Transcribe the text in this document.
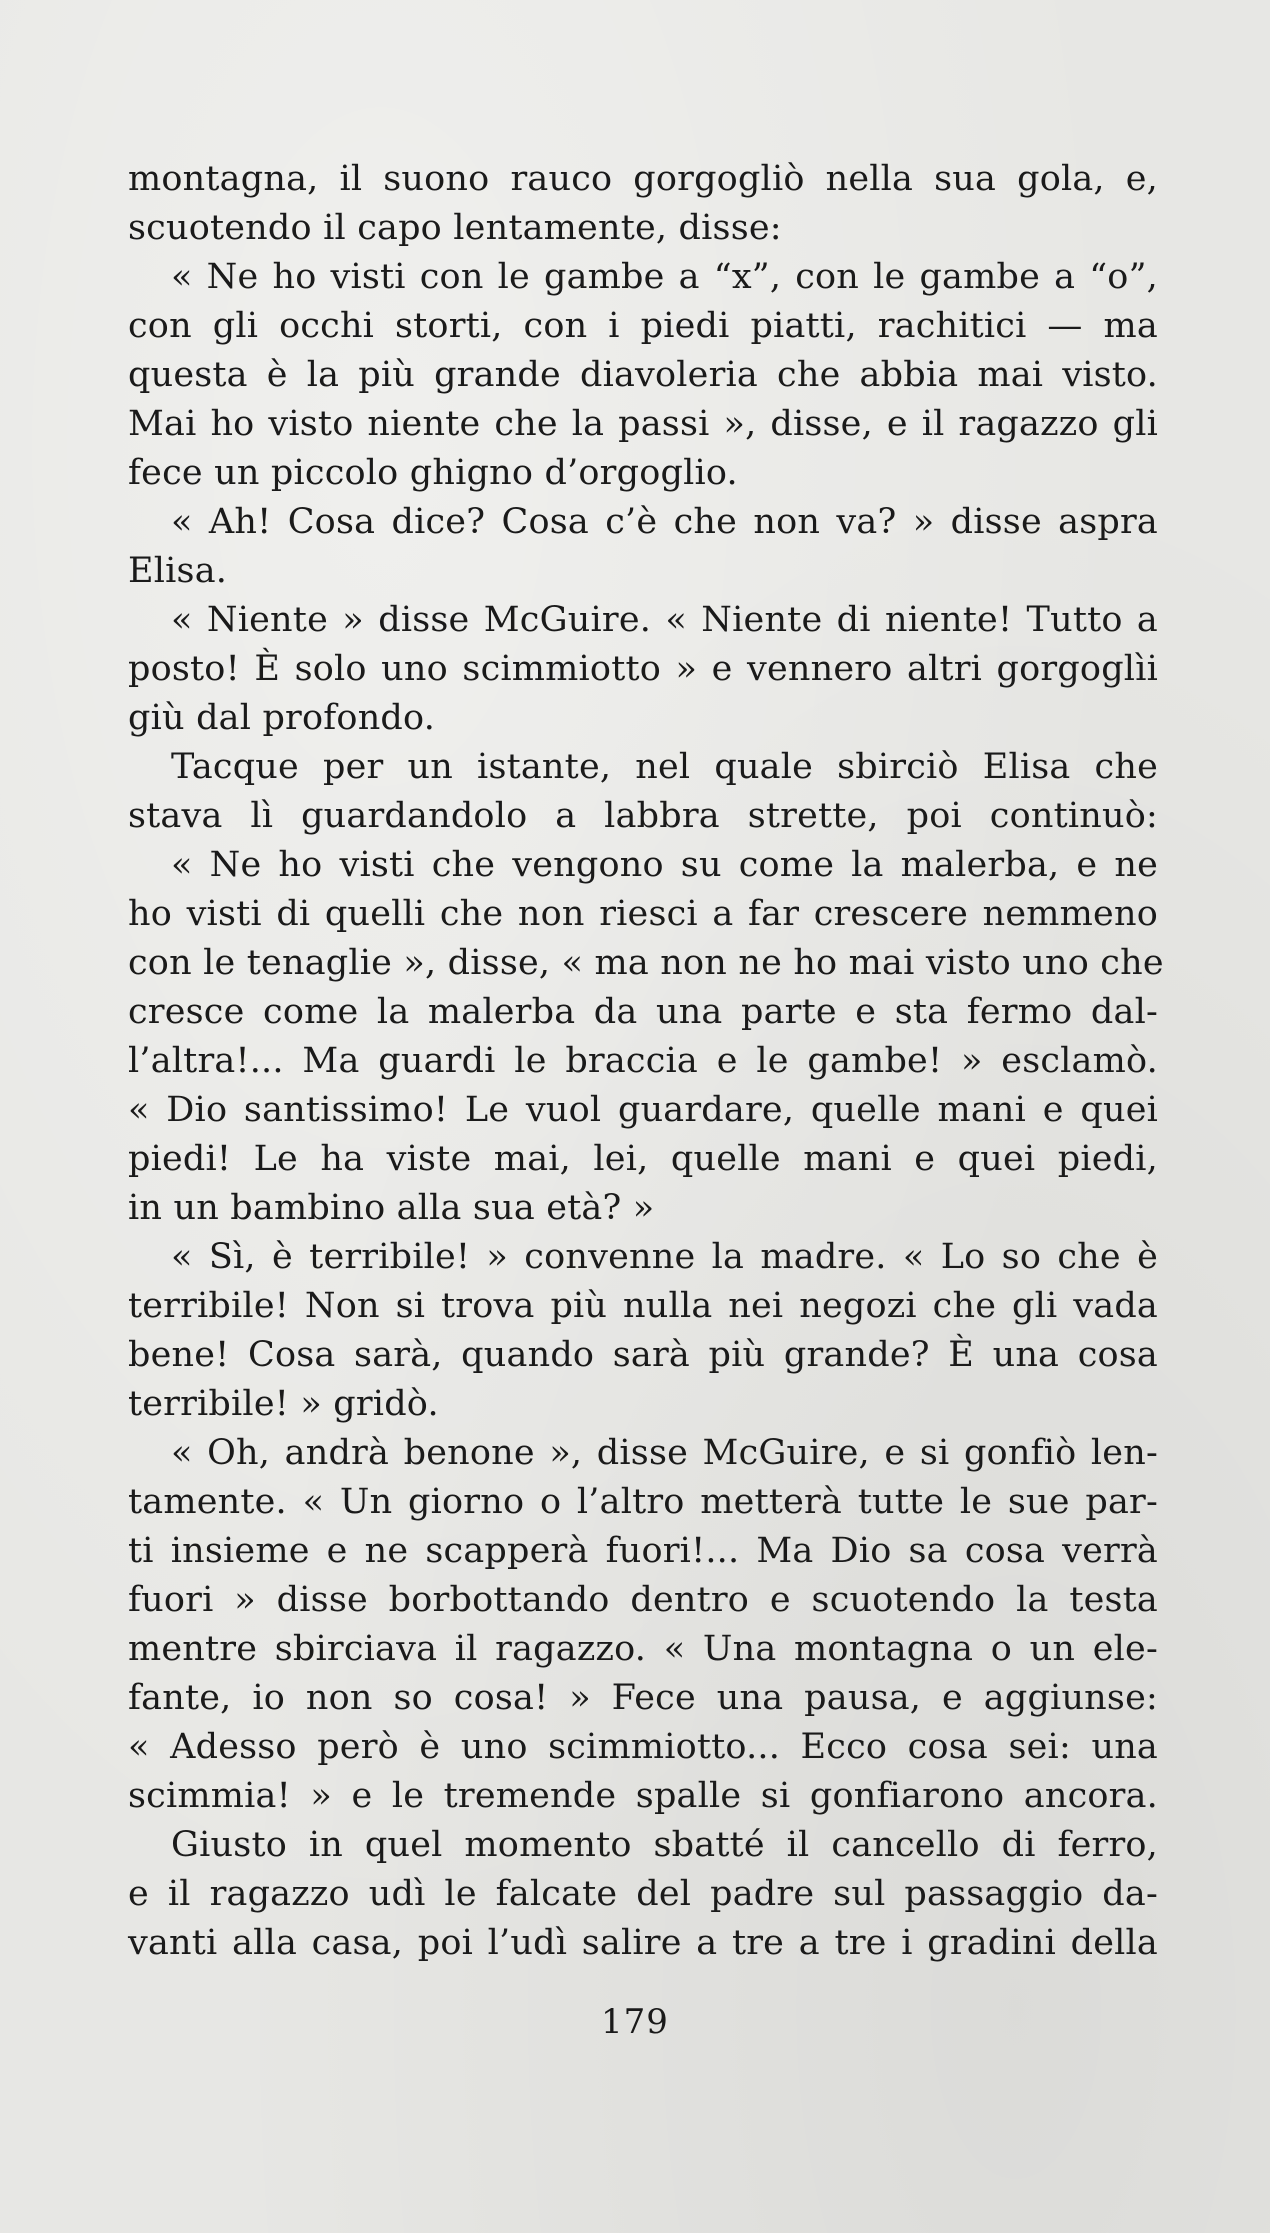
montagna, il suono rauco gorgogliò nella sua gola, e,
scuotendo il capo lentamente, disse:
« Ne ho visti con le gambe a “x”, con le gambe a “o”,
con gli occhi storti, con i piedi piatti, rachitici — ma
questa è la più grande diavoleria che abbia mai visto.
Mai ho visto niente che la passi », disse, e il ragazzo gli
fece un piccolo ghigno d’orgoglio.
« Ah! Cosa dice? Cosa c’è che non va? » disse aspra
Elisa.
« Niente » disse McGuire. « Niente di niente! Tutto a
posto! È solo uno scimmiotto » e vennero altri gorgoglìi
giù dal profondo.
Tacque per un istante, nel quale sbirciò Elisa che
stava lì guardandolo a labbra strette, poi continuò:
« Ne ho visti che vengono su come la malerba, e ne
ho visti di quelli che non riesci a far crescere nemmeno
con le tenaglie », disse, « ma non ne ho mai visto uno che
cresce come la malerba da una parte e sta fermo dal-
l’altra!... Ma guardi le braccia e le gambe! » esclamò.
« Dio santissimo! Le vuol guardare, quelle mani e quei
piedi! Le ha viste mai, lei, quelle mani e quei piedi,
in un bambino alla sua età? »
« Sì, è terribile! » convenne la madre. « Lo so che è
terribile! Non si trova più nulla nei negozi che gli vada
bene! Cosa sarà, quando sarà più grande? È una cosa
terribile! » gridò.
« Oh, andrà benone », disse McGuire, e si gonfiò len-
tamente. « Un giorno o l’altro metterà tutte le sue par-
ti insieme e ne scapperà fuori!... Ma Dio sa cosa verrà
fuori » disse borbottando dentro e scuotendo la testa
mentre sbirciava il ragazzo. « Una montagna o un ele-
fante, io non so cosa! » Fece una pausa, e aggiunse:
« Adesso però è uno scimmiotto... Ecco cosa sei: una
scimmia! » e le tremende spalle si gonfiarono ancora.
Giusto in quel momento sbatté il cancello di ferro,
e il ragazzo udì le falcate del padre sul passaggio da-
vanti alla casa, poi l’udì salire a tre a tre i gradini della
179
